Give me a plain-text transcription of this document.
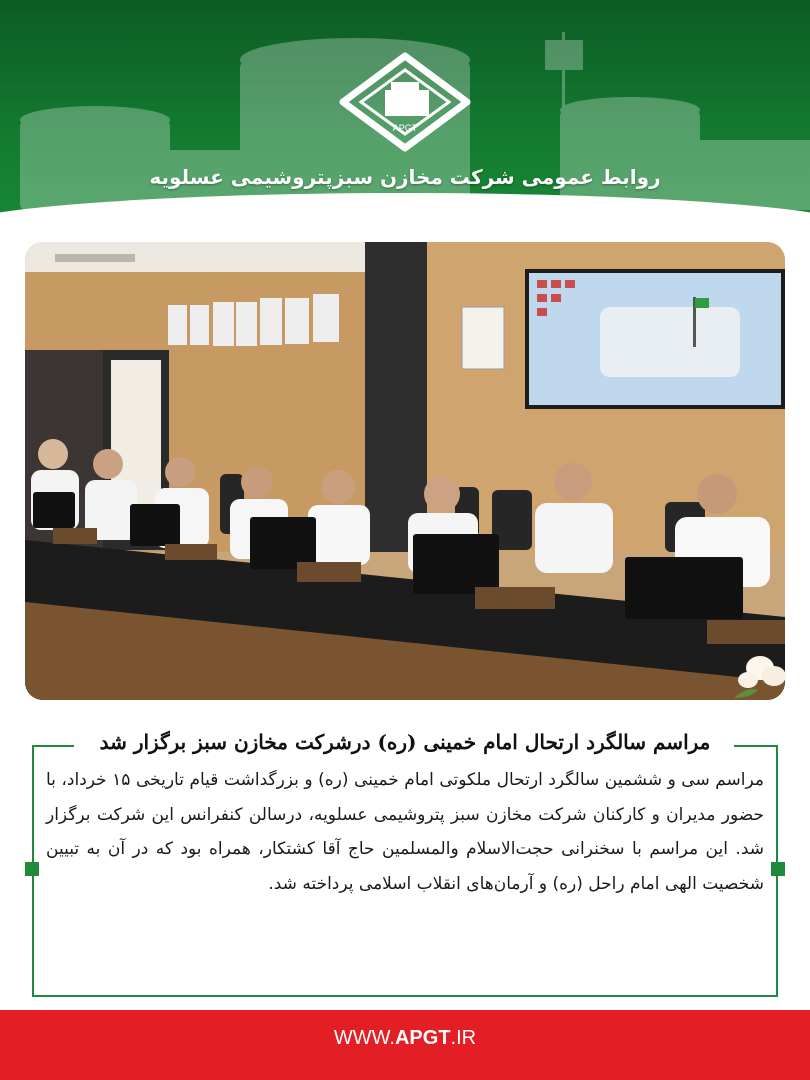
APGT
روابط عمومی شرکت مخازن سبزپتروشیمی عسلویه
مراسم سالگرد ارتحال امام خمینی (ره) درشرکت مخازن سبز برگزار شد
مراسم سی و ششمین سالگرد ارتحال ملکوتی امام خمینی (ره) و بزرگداشت قیام تاریخی ۱۵ خرداد، با حضور مدیران و کارکنان شرکت مخازن سبز پتروشیمی عسلویه، درسالن کنفرانس این شرکت برگزار شد. این مراسم با سخنرانی حجت‌الاسلام والمسلمین حاج آقا کشتکار، همراه بود که در آن به تبیین شخصیت الهی امام راحل (ره) و آرمان‌های انقلاب اسلامی پرداخته شد.
WWW.APGT.IR
